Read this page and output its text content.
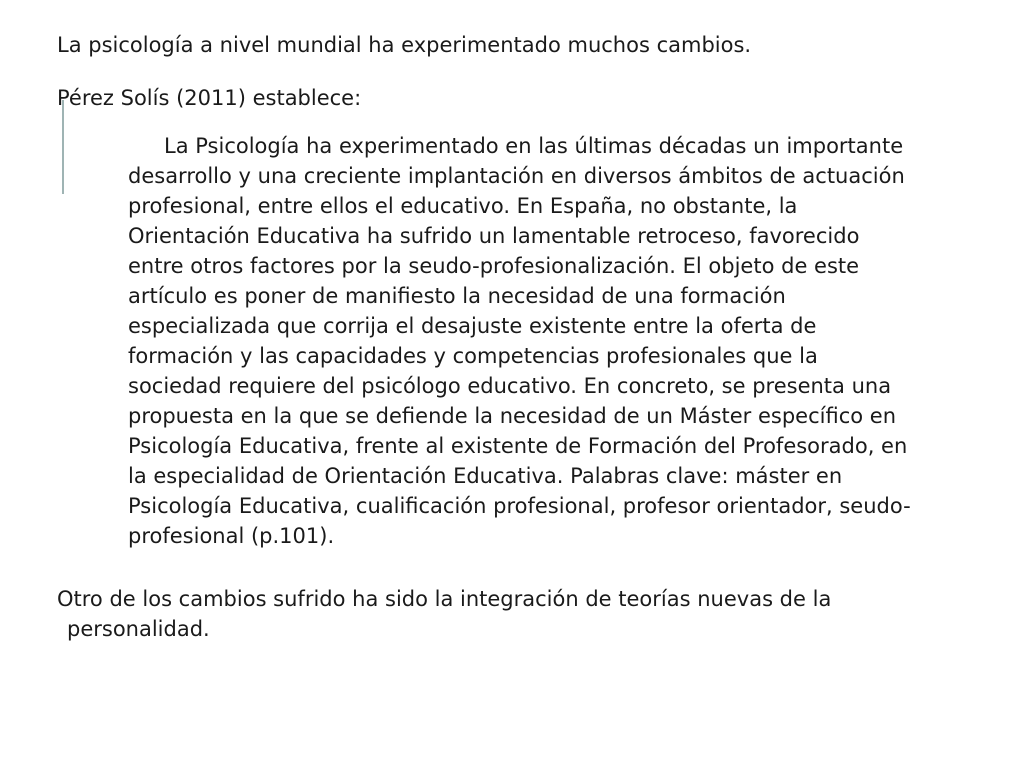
La psicología a nivel mundial ha experimentado muchos cambios.

Pérez Solís (2011) establece:

La Psicología ha experimentado en las últimas décadas un importante
desarrollo y una creciente implantación en diversos ámbitos de actuación
profesional, entre ellos el educativo. En España, no obstante, la
Orientación Educativa ha sufrido un lamentable retroceso, favorecido
entre otros factores por la seudo-profesionalización. El objeto de este
artículo es poner de manifiesto la necesidad de una formación
especializada que corrija el desajuste existente entre la oferta de
formación y las capacidades y competencias profesionales que la
sociedad requiere del psicólogo educativo. En concreto, se presenta una
propuesta en la que se defiende la necesidad de un Máster específico en
Psicología Educativa, frente al existente de Formación del Profesorado, en
la especialidad de Orientación Educativa. Palabras clave: máster en
Psicología Educativa, cualificación profesional, profesor orientador, seudo-
profesional (p.101).
Otro de los cambios sufrido ha sido la integración de teorías nuevas de la
personalidad.
